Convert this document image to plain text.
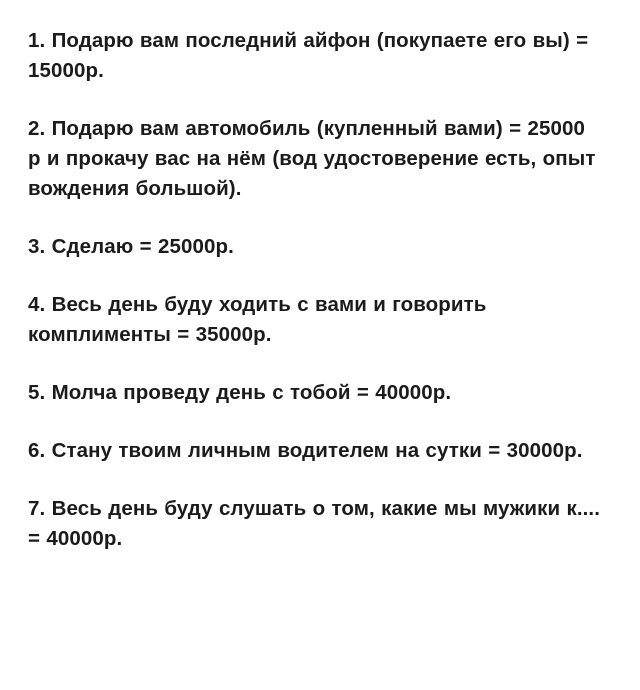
1. Подарю вам последний айфон (покупаете его вы) = 15000р.

2. Подарю вам автомобиль (купленный вами) = 25000 р и прокачу вас на нём (вод удостоверение есть, опыт вождения большой).

3. Сделаю = 25000р.

4. Весь день буду ходить с вами и говорить комплименты = 35000р.

5. Молча проведу день с тобой = 40000р.

6. Стану твоим личным водителем на сутки = 30000р.

7. Весь день буду слушать о том, какие мы мужики к.... = 40000р.
